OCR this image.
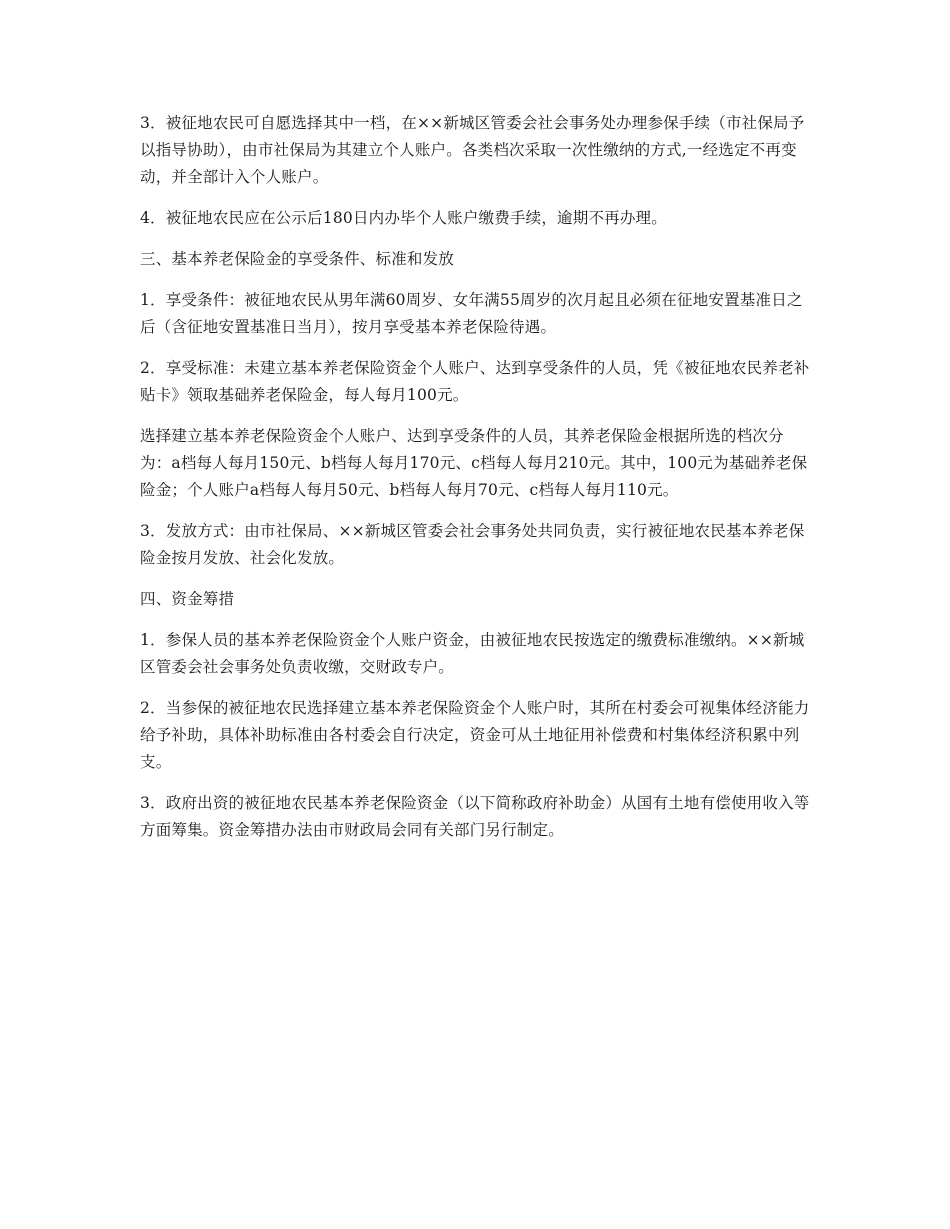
3．被征地农民可自愿选择其中一档，在××新城区管委会社会事务处办理参保手续（市社保局予以指导协助），由市社保局为其建立个人账户。各类档次采取一次性缴纳的方式,一经选定不再变动，并全部计入个人账户。

4．被征地农民应在公示后180日内办毕个人账户缴费手续，逾期不再办理。

三、基本养老保险金的享受条件、标准和发放

1．享受条件：被征地农民从男年满60周岁、女年满55周岁的次月起且必须在征地安置基准日之后（含征地安置基准日当月），按月享受基本养老保险待遇。

2．享受标准：未建立基本养老保险资金个人账户、达到享受条件的人员，凭《被征地农民养老补贴卡》领取基础养老保险金，每人每月100元。

选择建立基本养老保险资金个人账户、达到享受条件的人员，其养老保险金根据所选的档次分为：a档每人每月150元、b档每人每月170元、c档每人每月210元。其中，100元为基础养老保险金；个人账户a档每人每月50元、b档每人每月70元、c档每人每月110元。

3．发放方式：由市社保局、××新城区管委会社会事务处共同负责，实行被征地农民基本养老保险金按月发放、社会化发放。

四、资金筹措

1．参保人员的基本养老保险资金个人账户资金，由被征地农民按选定的缴费标准缴纳。××新城区管委会社会事务处负责收缴，交财政专户。

2．当参保的被征地农民选择建立基本养老保险资金个人账户时，其所在村委会可视集体经济能力给予补助，具体补助标准由各村委会自行决定，资金可从土地征用补偿费和村集体经济积累中列支。

3．政府出资的被征地农民基本养老保险资金（以下简称政府补助金）从国有土地有偿使用收入等方面筹集。资金筹措办法由市财政局会同有关部门另行制定。
